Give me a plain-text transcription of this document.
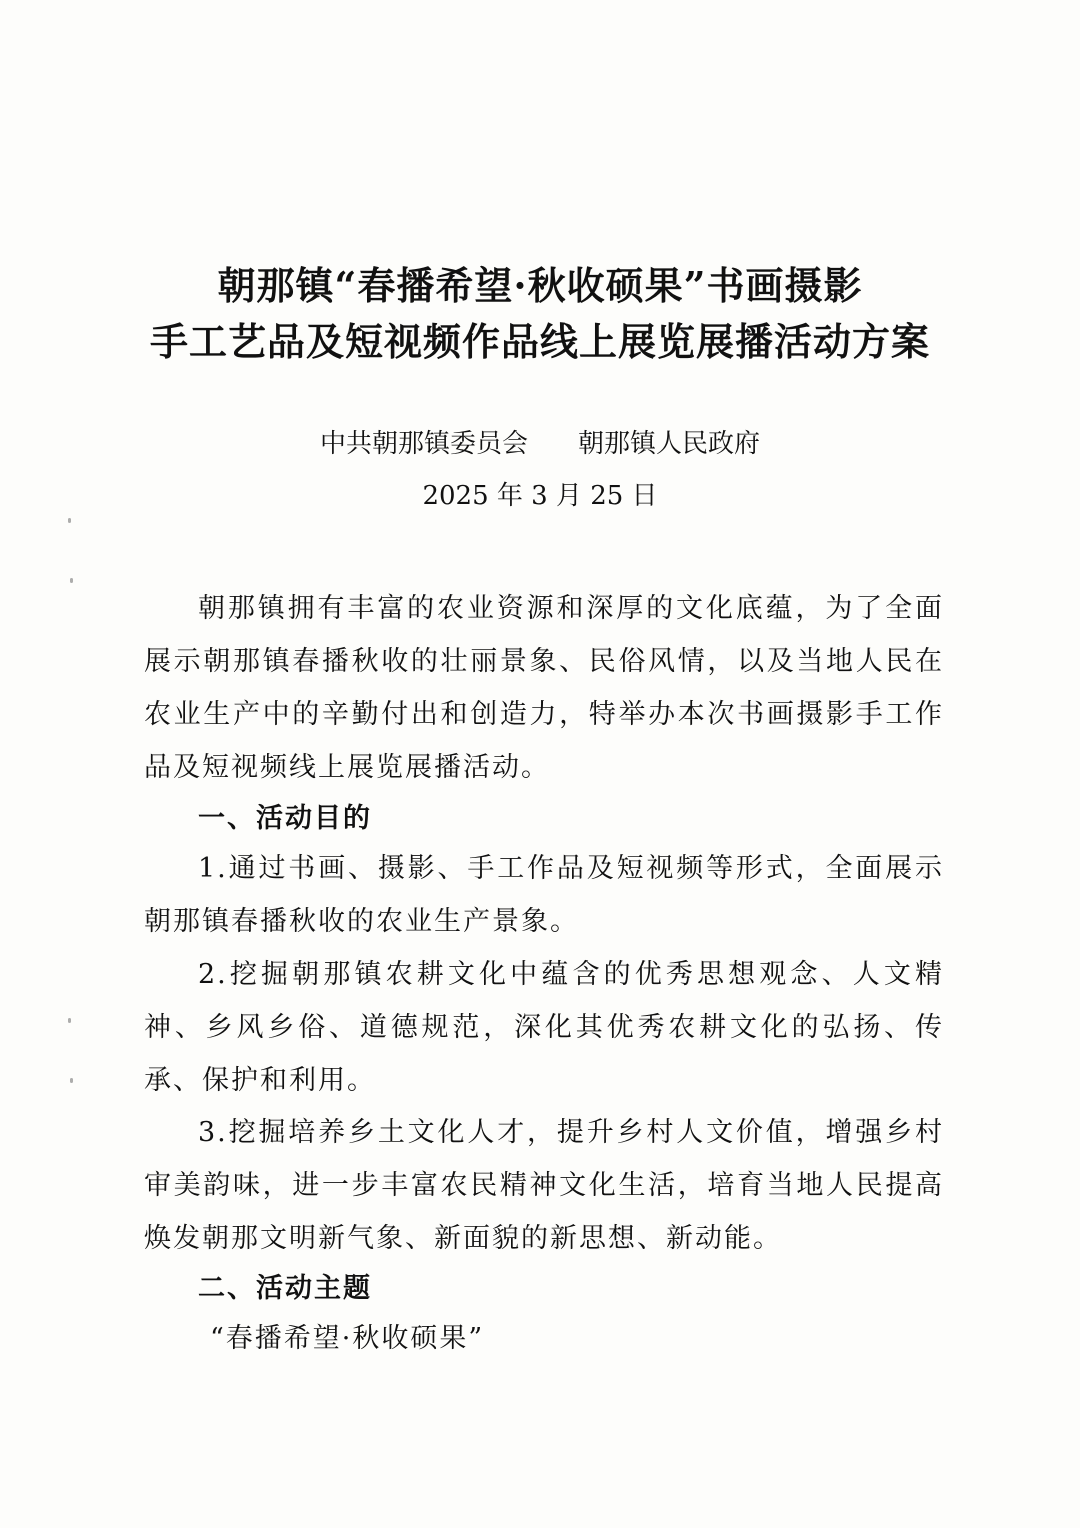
朝那镇“春播希望·秋收硕果”书画摄影
手工艺品及短视频作品线上展览展播活动方案
中共朝那镇委员会 朝那镇人民政府
2025 年 3 月 25 日

朝那镇拥有丰富的农业资源和深厚的文化底蕴，为了全面展示朝那镇春播秋收的壮丽景象、民俗风情，以及当地人民在农业生产中的辛勤付出和创造力，特举办本次书画摄影手工作品及短视频线上展览展播活动。

一、活动目的

1.通过书画、摄影、手工作品及短视频等形式，全面展示朝那镇春播秋收的农业生产景象。

2.挖掘朝那镇农耕文化中蕴含的优秀思想观念、人文精神、乡风乡俗、道德规范，深化其优秀农耕文化的弘扬、传承、保护和利用。

3.挖掘培养乡土文化人才，提升乡村人文价值，增强乡村审美韵味，进一步丰富农民精神文化生活，培育当地人民提高焕发朝那文明新气象、新面貌的新思想、新动能。

二、活动主题

“春播希望·秋收硕果”
